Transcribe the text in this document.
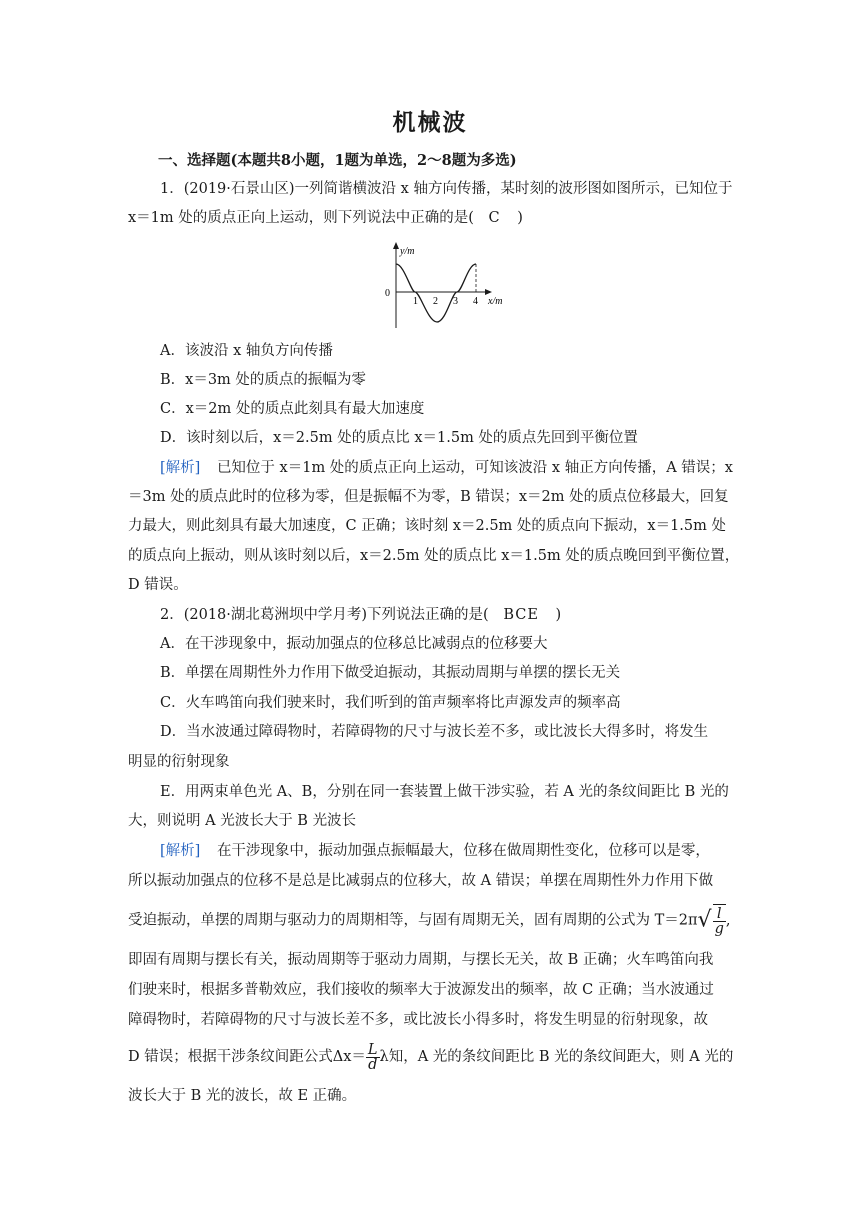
机械波
一、选择题(本题共8小题，1题为单选，2～8题为多选)
1．(2019·石景山区)一列简谐横波沿 x 轴方向传播，某时刻的波形图如图所示，已知位于
x＝1m 处的质点正向上运动，则下列说法中正确的是( C )
y/m
0
1 2 3 4 x/m
A．该波沿 x 轴负方向传播
B．x＝3m 处的质点的振幅为零
C．x＝2m 处的质点此刻具有最大加速度
D．该时刻以后，x＝2.5m 处的质点比 x＝1.5m 处的质点先回到平衡位置
[解析] 已知位于 x＝1m 处的质点正向上运动，可知该波沿 x 轴正方向传播，A 错误；x
＝3m 处的质点此时的位移为零，但是振幅不为零，B 错误；x＝2m 处的质点位移最大，回复
力最大，则此刻具有最大加速度，C 正确；该时刻 x＝2.5m 处的质点向下振动，x＝1.5m 处
的质点向上振动，则从该时刻以后，x＝2.5m 处的质点比 x＝1.5m 处的质点晚回到平衡位置，
D 错误。
2．(2018·湖北葛洲坝中学月考)下列说法正确的是( BCE )
A．在干涉现象中，振动加强点的位移总比减弱点的位移要大
B．单摆在周期性外力作用下做受迫振动，其振动周期与单摆的摆长无关
C．火车鸣笛向我们驶来时，我们听到的笛声频率将比声源发声的频率高
D．当水波通过障碍物时，若障碍物的尺寸与波长差不多，或比波长大得多时，将发生
明显的衍射现象
E．用两束单色光 A、B，分别在同一套装置上做干涉实验，若 A 光的条纹间距比 B 光的
大，则说明 A 光波长大于 B 光波长
[解析] 在干涉现象中，振动加强点振幅最大，位移在做周期性变化，位移可以是零，
所以振动加强点的位移不是总是比减弱点的位移大，故 A 错误；单摆在周期性外力作用下做
受迫振动，单摆的周期与驱动力的周期相等，与固有周期无关，固有周期的公式为 $T=2\pi√ \frac{l}{g}$ ,
即固有周期与摆长有关，振动周期等于驱动力周期，与摆长无关，故 B 正确；火车鸣笛向我
们驶来时，根据多普勒效应，我们接收的频率大于波源发出的频率，故 C 正确；当水波通过
障碍物时，若障碍物的尺寸与波长差不多，或比波长小得多时，将发生明显的衍射现象，故
D 错误；根据干涉条纹间距公式$\Delta x= \frac{L}{d}$ λ知，A 光的条纹间距比 B 光的条纹间距大，则 A 光的
波长大于 B 光的波长，故 E 正确。
